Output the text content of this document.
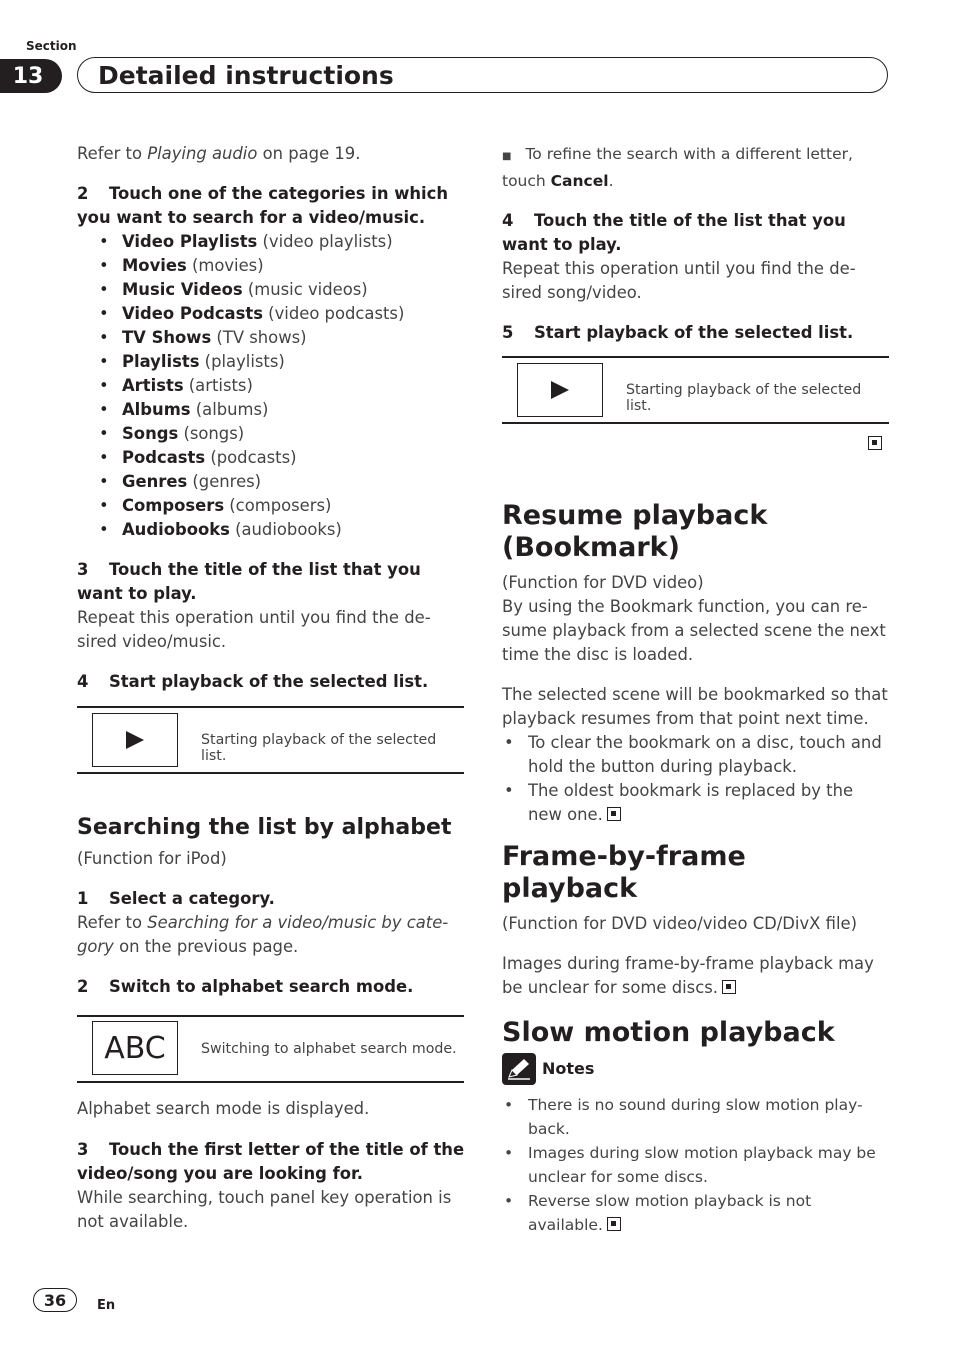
Section
13	Detailed instructions

Refer to Playing audio on page 19.

2 Touch one of the categories in which you want to search for a video/music.

• Video Playlists (video playlists)
• Movies (movies)
• Music Videos (music videos)
• Video Podcasts (video podcasts)
• TV Shows (TV shows)
• Playlists (playlists)
• Artists (artists)
• Albums (albums)
• Songs (songs)
• Podcasts (podcasts)
• Genres (genres)
• Composers (composers)
• Audiobooks (audiobooks)

3 Touch the title of the list that you want to play.

Repeat this operation until you find the de-sired video/music.

4 Start playback of the selected list.

Starting playback of the selected list.
Searching the list by alphabet

(Function for iPod)

1 Select a category.

Refer to Searching for a video/music by cate-gory on the previous page.

2 Switch to alphabet search mode.

ABC	Switching to alphabet search mode.

Alphabet search mode is displayed.

3 Touch the first letter of the title of the video/song you are looking for.

While searching, touch panel key operation is not available.

■ To refine the search with a different letter, touch Cancel.

4 Touch the title of the list that you want to play.

Repeat this operation until you find the de-sired song/video.

5 Start playback of the selected list.

Starting playback of the selected list.
Resume playback (Bookmark)

(Function for DVD video)

By using the Bookmark function, you can re-sume playback from a selected scene the next time the disc is loaded.

The selected scene will be bookmarked so that playback resumes from that point next time.

• To clear the bookmark on a disc, touch and hold the button during playback.
• The oldest bookmark is replaced by the new one.
Frame-by-frame playback

(Function for DVD video/video CD/DivX file)

Images during frame-by-frame playback may be unclear for some discs.

Slow motion playback
Notes
• There is no sound during slow motion play-back.
• Images during slow motion playback may be unclear for some discs.
• Reverse slow motion playback is not available.
36	En
